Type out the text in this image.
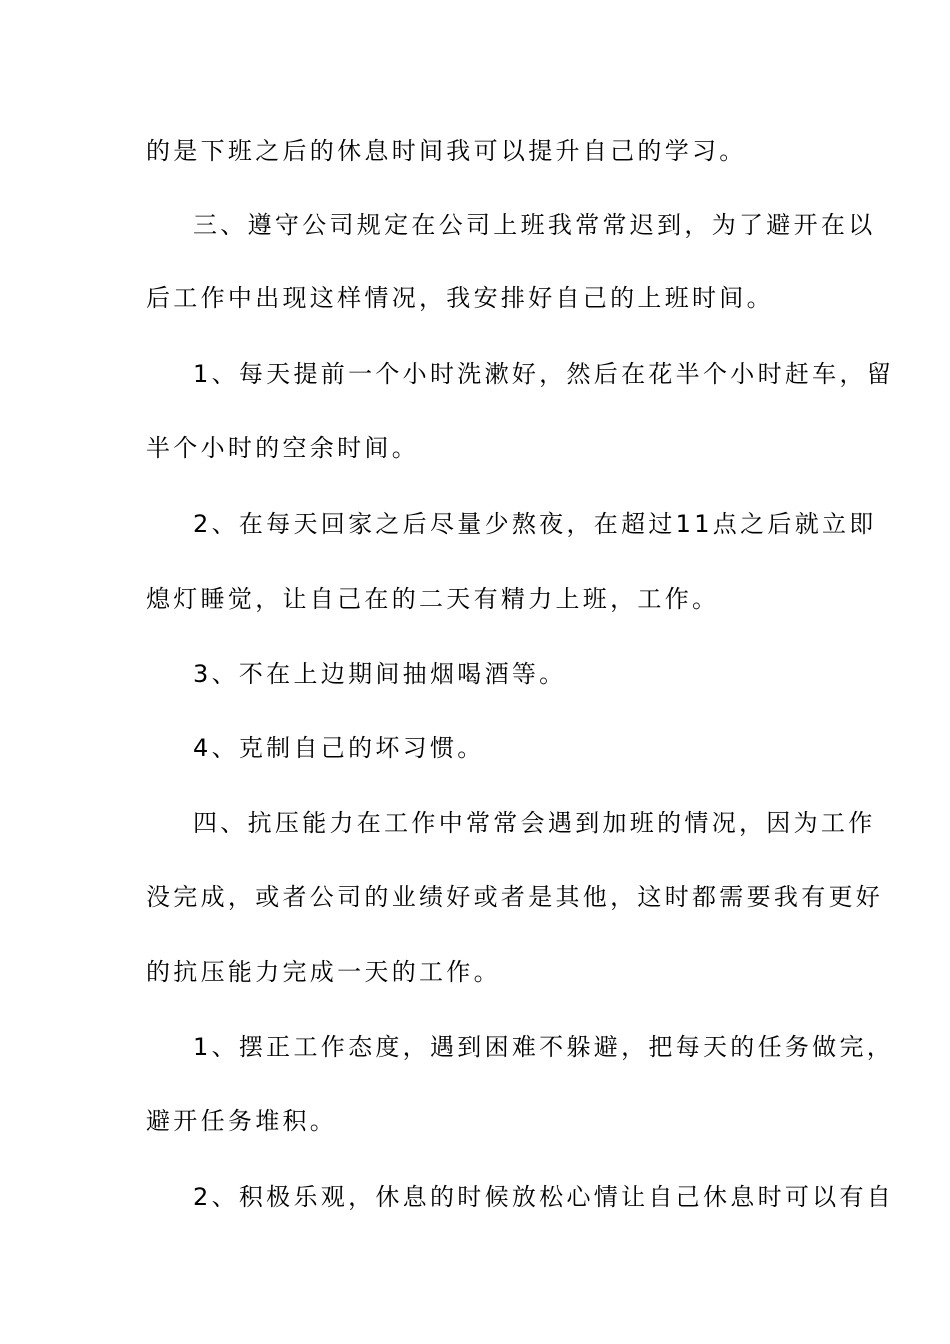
的是下班之后的休息时间我可以提升自己的学习。
三、遵守公司规定在公司上班我常常迟到，为了避开在以
后工作中出现这样情况，我安排好自己的上班时间。
1、每天提前一个小时洗漱好，然后在花半个小时赶车，留
半个小时的空余时间。
2、在每天回家之后尽量少熬夜，在超过11点之后就立即
熄灯睡觉，让自己在的二天有精力上班，工作。
3、不在上边期间抽烟喝酒等。
4、克制自己的坏习惯。
四、抗压能力在工作中常常会遇到加班的情况，因为工作
没完成，或者公司的业绩好或者是其他，这时都需要我有更好
的抗压能力完成一天的工作。
1、摆正工作态度，遇到困难不躲避，把每天的任务做完，
避开任务堆积。
2、积极乐观，休息的时候放松心情让自己休息时可以有自
